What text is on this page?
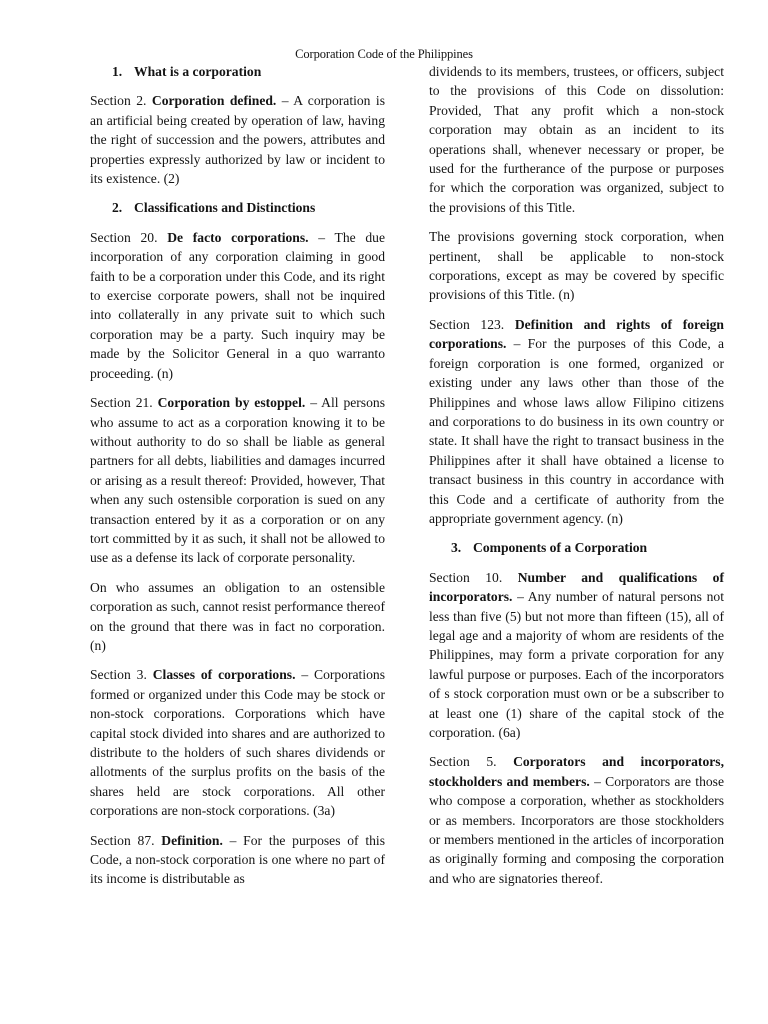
Corporation Code of the Philippines
1. What is a corporation

Section 2. Corporation defined. – A corporation is an artificial being created by operation of law, having the right of succession and the powers, attributes and properties expressly authorized by law or incident to its existence. (2)

2. Classifications and Distinctions

Section 20. De facto corporations. – The due incorporation of any corporation claiming in good faith to be a corporation under this Code, and its right to exercise corporate powers, shall not be inquired into collaterally in any private suit to which such corporation may be a party. Such inquiry may be made by the Solicitor General in a quo warranto proceeding. (n)

Section 21. Corporation by estoppel. – All persons who assume to act as a corporation knowing it to be without authority to do so shall be liable as general partners for all debts, liabilities and damages incurred or arising as a result thereof: Provided, however, That when any such ostensible corporation is sued on any transaction entered by it as a corporation or on any tort committed by it as such, it shall not be allowed to use as a defense its lack of corporate personality.

On who assumes an obligation to an ostensible corporation as such, cannot resist performance thereof on the ground that there was in fact no corporation. (n)

Section 3. Classes of corporations. – Corporations formed or organized under this Code may be stock or non-stock corporations. Corporations which have capital stock divided into shares and are authorized to distribute to the holders of such shares dividends or allotments of the surplus profits on the basis of the shares held are stock corporations. All other corporations are non-stock corporations. (3a)

Section 87. Definition. – For the purposes of this Code, a non-stock corporation is one where no part of its income is distributable as

dividends to its members, trustees, or officers, subject to the provisions of this Code on dissolution: Provided, That any profit which a non-stock corporation may obtain as an incident to its operations shall, whenever necessary or proper, be used for the furtherance of the purpose or purposes for which the corporation was organized, subject to the provisions of this Title.

The provisions governing stock corporation, when pertinent, shall be applicable to non-stock corporations, except as may be covered by specific provisions of this Title. (n)

Section 123. Definition and rights of foreign corporations. – For the purposes of this Code, a foreign corporation is one formed, organized or existing under any laws other than those of the Philippines and whose laws allow Filipino citizens and corporations to do business in its own country or state. It shall have the right to transact business in the Philippines after it shall have obtained a license to transact business in this country in accordance with this Code and a certificate of authority from the appropriate government agency. (n)

3. Components of a Corporation

Section 10. Number and qualifications of incorporators. – Any number of natural persons not less than five (5) but not more than fifteen (15), all of legal age and a majority of whom are residents of the Philippines, may form a private corporation for any lawful purpose or purposes. Each of the incorporators of s stock corporation must own or be a subscriber to at least one (1) share of the capital stock of the corporation. (6a)

Section 5. Corporators and incorporators, stockholders and members. – Corporators are those who compose a corporation, whether as stockholders or as members. Incorporators are those stockholders or members mentioned in the articles of incorporation as originally forming and composing the corporation and who are signatories thereof.
